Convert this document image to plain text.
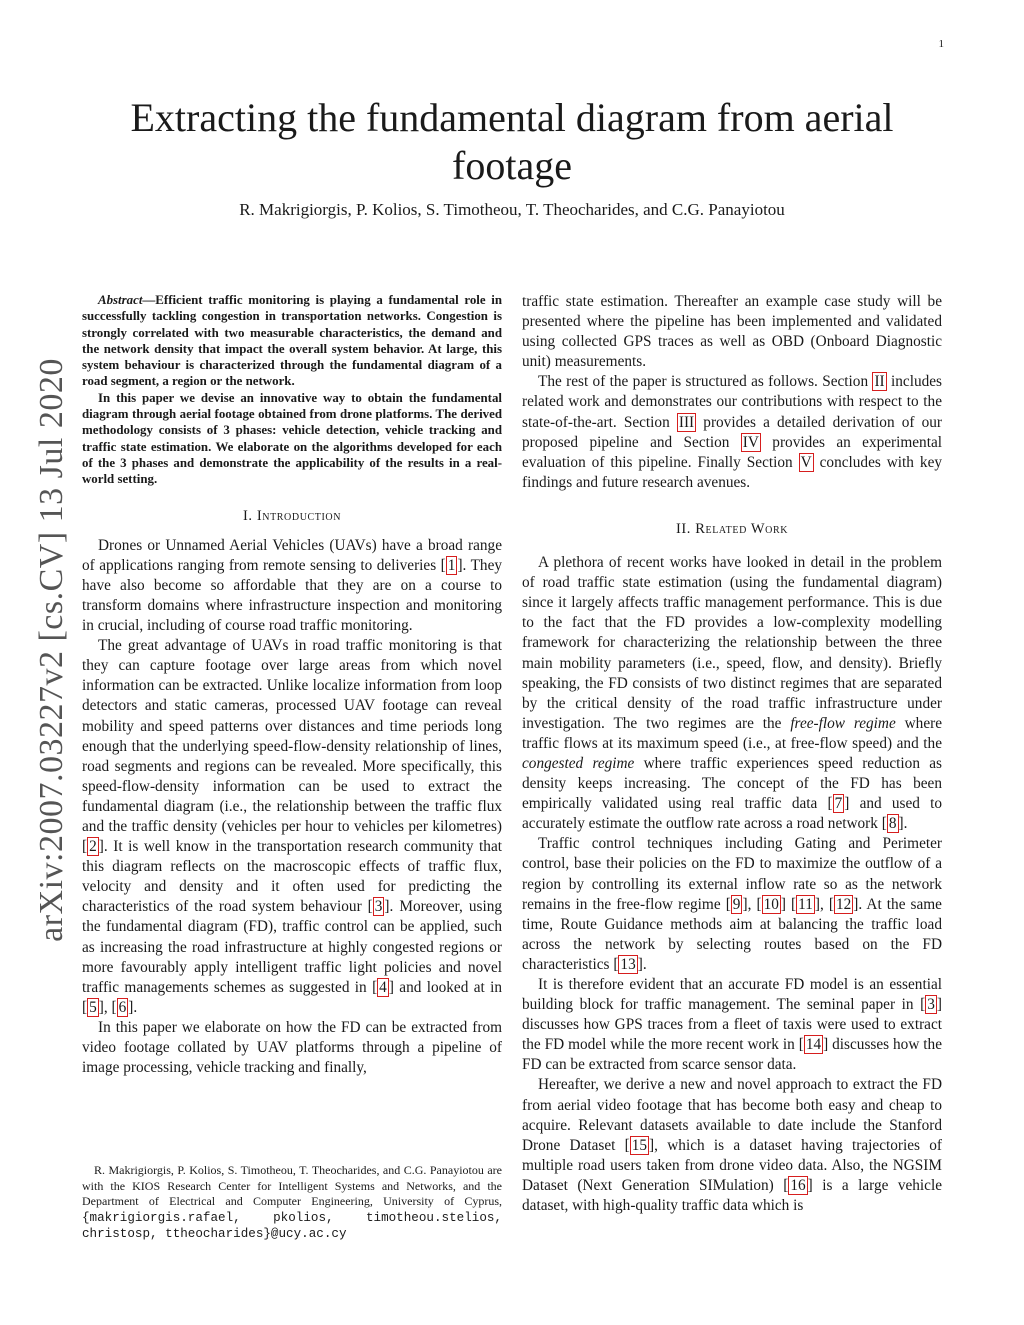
1
arXiv:2007.03227v2 [cs.CV] 13 Jul 2020
Extracting the fundamental diagram from aerial footage
R. Makrigiorgis, P. Kolios, S. Timotheou, T. Theocharides, and C.G. Panayiotou

Abstract—Efficient traffic monitoring is playing a fundamental role in successfully tackling congestion in transportation networks. Congestion is strongly correlated with two measurable characteristics, the demand and the network density that impact the overall system behavior. At large, this system behaviour is characterized through the fundamental diagram of a road segment, a region or the network.

In this paper we devise an innovative way to obtain the fundamental diagram through aerial footage obtained from drone platforms. The derived methodology consists of 3 phases: vehicle detection, vehicle tracking and traffic state estimation. We elaborate on the algorithms developed for each of the 3 phases and demonstrate the applicability of the results in a real-world setting.

I. Introduction

Drones or Unnamed Aerial Vehicles (UAVs) have a broad range of applications ranging from remote sensing to deliveries [ 1 ]. They have also become so affordable that they are on a course to transform domains where infrastructure inspection and monitoring in crucial, including of course road traffic monitoring.

The great advantage of UAVs in road traffic monitoring is that they can capture footage over large areas from which novel information can be extracted. Unlike localize information from loop detectors and static cameras, processed UAV footage can reveal mobility and speed patterns over distances and time periods long enough that the underlying speed-flow-density relationship of lines, road segments and regions can be revealed. More specifically, this speed-flow-density information can be used to extract the fundamental diagram (i.e., the relationship between the traffic flux and the traffic density (vehicles per hour to vehicles per kilometres) [ 2 ]. It is well know in the transportation research community that this diagram reflects on the macroscopic effects of traffic flux, velocity and density and it often used for predicting the characteristics of the road system behaviour [ 3 ]. Moreover, using the fundamental diagram (FD), traffic control can be applied, such as increasing the road infrastructure at highly congested regions or more favourably apply intelligent traffic light policies and novel traffic managements schemes as suggested in [ 4 ] and looked at in [ 5 ], [ 6 ].

In this paper we elaborate on how the FD can be extracted from video footage collated by UAV platforms through a pipeline of image processing, vehicle tracking and finally,

R. Makrigiorgis, P. Kolios, S. Timotheou, T. Theocharides, and C.G. Panayiotou are with the KIOS Research Center for Intelligent Systems and Networks, and the Department of Electrical and Computer Engineering, University of Cyprus, {makrigiorgis.rafael, pkolios, timotheou.stelios, christosp, ttheocharides}@ucy.ac.cy

traffic state estimation. Thereafter an example case study will be presented where the pipeline has been implemented and validated using collected GPS traces as well as OBD (Onboard Diagnostic unit) measurements.

The rest of the paper is structured as follows. Section II includes related work and demonstrates our contributions with respect to the state-of-the-art. Section III provides a detailed derivation of our proposed pipeline and Section IV provides an experimental evaluation of this pipeline. Finally Section V concludes with key findings and future research avenues.

II. Related Work

A plethora of recent works have looked in detail in the problem of road traffic state estimation (using the fundamental diagram) since it largely affects traffic management performance. This is due to the fact that the FD provides a low-complexity modelling framework for characterizing the relationship between the three main mobility parameters (i.e., speed, flow, and density). Briefly speaking, the FD consists of two distinct regimes that are separated by the critical density of the road traffic infrastructure under investigation. The two regimes are the free-flow regime where traffic flows at its maximum speed (i.e., at free-flow speed) and the congested regime where traffic experiences speed reduction as density keeps increasing. The concept of the FD has been empirically validated using real traffic data [ 7 ] and used to accurately estimate the outflow rate across a road network [ 8 ].

Traffic control techniques including Gating and Perimeter control, base their policies on the FD to maximize the outflow of a region by controlling its external inflow rate so as the network remains in the free-flow regime [ 9 ], [ 10 ] [ 11 ], [ 12 ]. At the same time, Route Guidance methods aim at balancing the traffic load across the network by selecting routes based on the FD characteristics [ 13 ].

It is therefore evident that an accurate FD model is an essential building block for traffic management. The seminal paper in [ 3 ] discusses how GPS traces from a fleet of taxis were used to extract the FD model while the more recent work in [ 14 ] discusses how the FD can be extracted from scarce sensor data.

Hereafter, we derive a new and novel approach to extract the FD from aerial video footage that has become both easy and cheap to acquire. Relevant datasets available to date include the Stanford Drone Dataset [ 15 ], which is a dataset having trajectories of multiple road users taken from drone video data. Also, the NGSIM Dataset (Next Generation SIMulation) [ 16 ] is a large vehicle dataset, with high-quality traffic data which is
